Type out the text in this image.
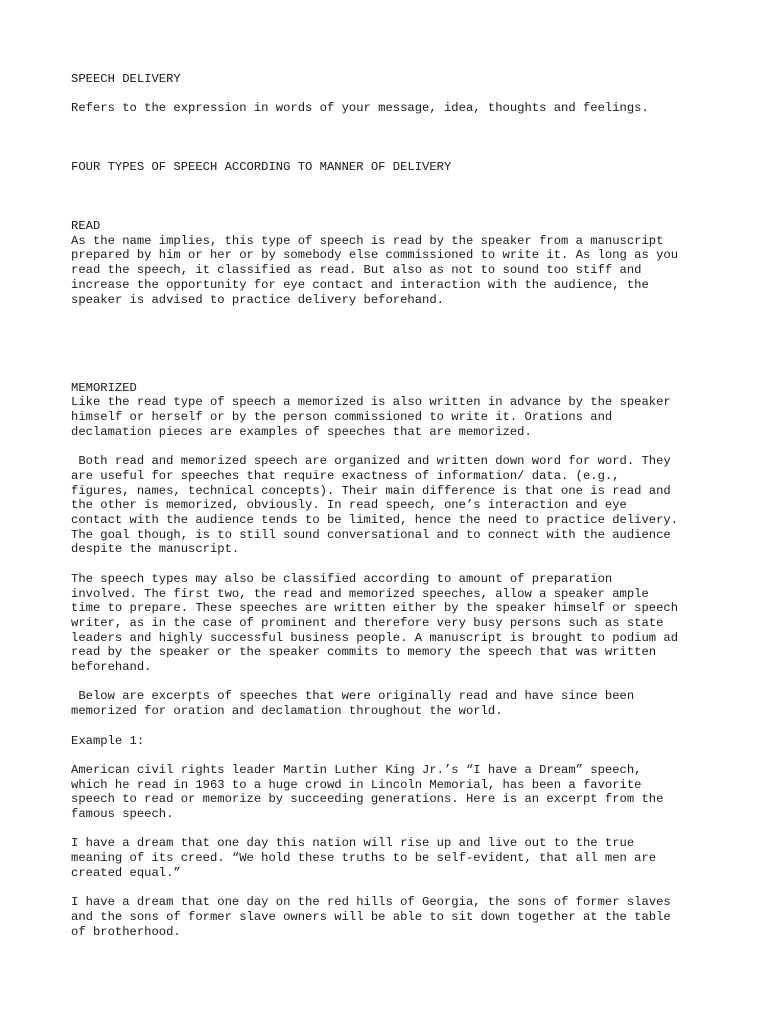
SPEECH DELIVERY

Refers to the expression in words of your message, idea, thoughts and feelings.

FOUR TYPES OF SPEECH ACCORDING TO MANNER OF DELIVERY

READ

As the name implies, this type of speech is read by the speaker from a manuscript
prepared by him or her or by somebody else commissioned to write it. As long as you
read the speech, it classified as read. But also as not to sound too stiff and
increase the opportunity for eye contact and interaction with the audience, the
speaker is advised to practice delivery beforehand.

MEMORIZED

Like the read type of speech a memorized is also written in advance by the speaker
himself or herself or by the person commissioned to write it. Orations and
declamation pieces are examples of speeches that are memorized.

Both read and memorized speech are organized and written down word for word. They
are useful for speeches that require exactness of information/ data. (e.g.,
figures, names, technical concepts). Their main difference is that one is read and
the other is memorized, obviously. In read speech, one’s interaction and eye
contact with the audience tends to be limited, hence the need to practice delivery.
The goal though, is to still sound conversational and to connect with the audience
despite the manuscript.

The speech types may also be classified according to amount of preparation
involved. The first two, the read and memorized speeches, allow a speaker ample
time to prepare. These speeches are written either by the speaker himself or speech
writer, as in the case of prominent and therefore very busy persons such as state
leaders and highly successful business people. A manuscript is brought to podium ad
read by the speaker or the speaker commits to memory the speech that was written
beforehand.

Below are excerpts of speeches that were originally read and have since been
memorized for oration and declamation throughout the world.

Example 1:

American civil rights leader Martin Luther King Jr.’s “I have a Dream” speech,
which he read in 1963 to a huge crowd in Lincoln Memorial, has been a favorite
speech to read or memorize by succeeding generations. Here is an excerpt from the
famous speech.

I have a dream that one day this nation will rise up and live out to the true
meaning of its creed. “We hold these truths to be self-evident, that all men are
created equal.”

I have a dream that one day on the red hills of Georgia, the sons of former slaves
and the sons of former slave owners will be able to sit down together at the table
of brotherhood.
